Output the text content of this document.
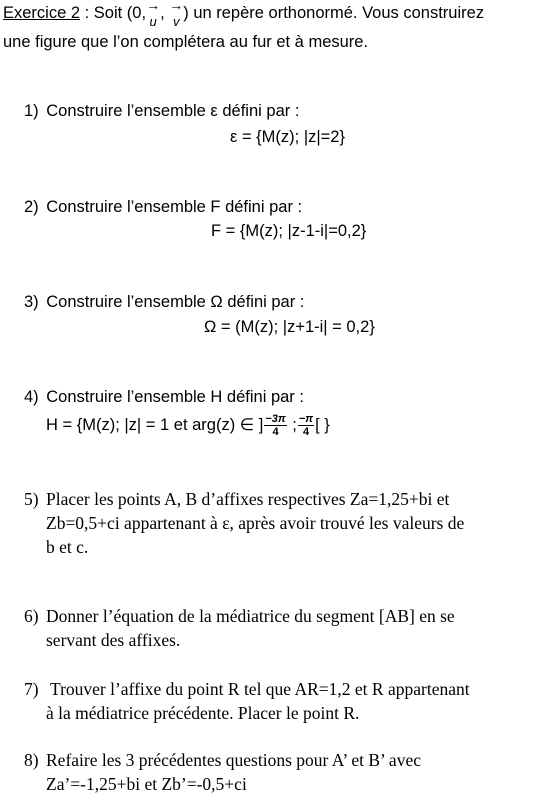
Exercice 2 : Soit (0, →
$_u$ , →
$_v$ ) un repère orthonormé. Vous construirez
une figure que l’on complétera au fur et à mesure.
1) Construire l’ensemble ε défini par :
ε = {M(z); |z|=2}
2) Construire l’ensemble F défini par :
F = {M(z); |z-1-i|=0,2}
3) Construire l’ensemble Ω défini par :
Ω = (M(z); |z+1-i| = 0,2}
4) Construire l’ensemble H défini par :
H = {M(z); |z| = 1 et arg(z) ∈ ] $\frac{-3\pi}{4}$ ; $\frac{-\pi}{4}$ [ }
5) Placer les points A, B d’affixes respectives Za=1,25+bi et
Zb=0,5+ci appartenant à ε, après avoir trouvé les valeurs de
b et c.
6) Donner l’équation de la médiatrice du segment [AB] en se
servant des affixes.
7) Trouver l’affixe du point R tel que AR=1,2 et R appartenant
à la médiatrice précédente. Placer le point R.
8) Refaire les 3 précédentes questions pour A’ et B’ avec
Za’=-1,25+bi et Zb’=-0,5+ci
